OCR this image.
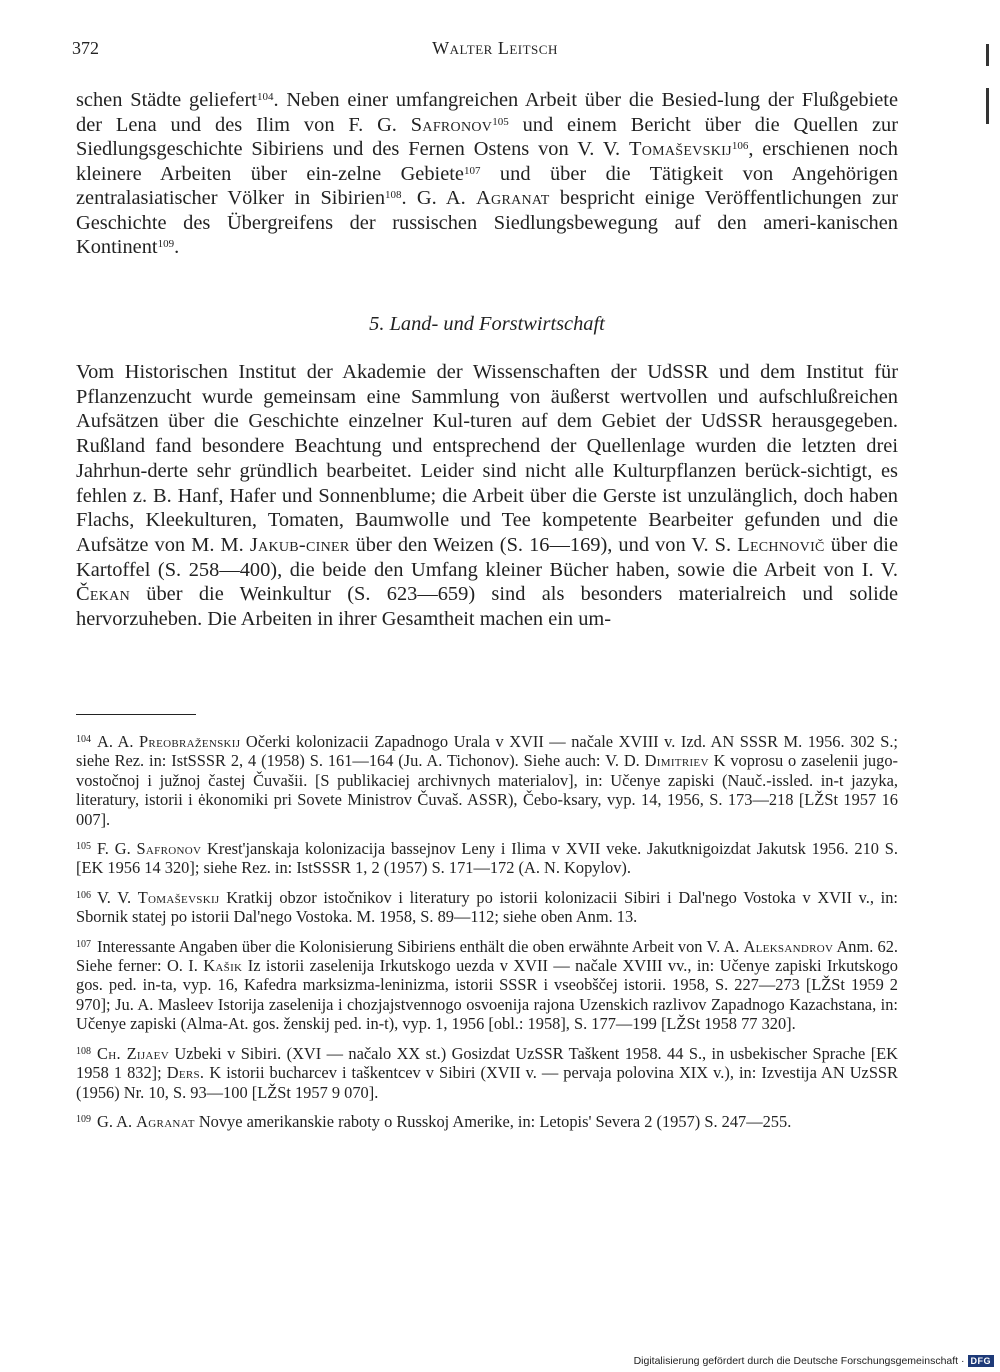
372	Walter Leitsch

schen Städte geliefert$^{104}$. Neben einer umfangreichen Arbeit über die Besied-lung der Flußgebiete der Lena und des Ilim von F. G. Safronov$^{105}$ und einem Bericht über die Quellen zur Siedlungsgeschichte Sibiriens und des Fernen Ostens von V. V. Tomaševskij$^{106}$, erschienen noch kleinere Arbeiten über ein-zelne Gebiete$^{107}$ und über die Tätigkeit von Angehörigen zentralasiatischer Völker in Sibirien$^{108}$. G. A. Agranat bespricht einige Veröffentlichungen zur Geschichte des Übergreifens der russischen Siedlungsbewegung auf den ameri-kanischen Kontinent$^{109}$.

5. Land- und Forstwirtschaft

Vom Historischen Institut der Akademie der Wissenschaften der UdSSR und dem Institut für Pflanzenzucht wurde gemeinsam eine Sammlung von äußerst wertvollen und aufschlußreichen Aufsätzen über die Geschichte einzelner Kul-turen auf dem Gebiet der UdSSR herausgegeben. Rußland fand besondere Beachtung und entsprechend der Quellenlage wurden die letzten drei Jahrhun-derte sehr gründlich bearbeitet. Leider sind nicht alle Kulturpflanzen berück-sichtigt, es fehlen z. B. Hanf, Hafer und Sonnenblume; die Arbeit über die Gerste ist unzulänglich, doch haben Flachs, Kleekulturen, Tomaten, Baumwolle und Tee kompetente Bearbeiter gefunden und die Aufsätze von M. M. Jakub-ciner über den Weizen (S. 16—169), und von V. S. Lechnovič über die Kartoffel (S. 258—400), die beide den Umfang kleiner Bücher haben, sowie die Arbeit von I. V. Čekan über die Weinkultur (S. 623—659) sind als besonders materialreich und solide hervorzuheben. Die Arbeiten in ihrer Gesamtheit machen ein um-

$^{104}$ A. A. Preobraženskij Očerki kolonizacii Zapadnogo Urala v XVII — načale XVIII v. Izd. AN SSSR M. 1956. 302 S.; siehe Rez. in: IstSSSR 2, 4 (1958) S. 161—164 (Ju. A. Tichonov). Siehe auch: V. D. Dimitriev K voprosu o zaselenii jugo-vostočnoj i južnoj častej Čuvašii. [S publikaciej archivnych materialov], in: Učenye zapiski (Nauč.-issled. in-t jazyka, literatury, istorii i ėkonomiki pri Sovete Ministrov Čuvaš. ASSR), Čebo-ksary, vyp. 14, 1956, S. 173—218 [LŽSt 1957 16 007].

$^{105}$ F. G. Safronov Krest'janskaja kolonizacija bassejnov Leny i Ilima v XVII veke. Jakutknigoizdat Jakutsk 1956. 210 S. [EK 1956 14 320]; siehe Rez. in: IstSSSR 1, 2 (1957) S. 171—172 (A. N. Kopylov).

$^{106}$ V. V. Tomaševskij Kratkij obzor istočnikov i literatury po istorii kolonizacii Sibiri i Dal'nego Vostoka v XVII v., in: Sbornik statej po istorii Dal'nego Vostoka. M. 1958, S. 89—112; siehe oben Anm. 13.

$^{107}$ Interessante Angaben über die Kolonisierung Sibiriens enthält die oben erwähnte Arbeit von V. A. Aleksandrov Anm. 62. Siehe ferner: O. I. Kašik Iz istorii zaselenija Irkutskogo uezda v XVII — načale XVIII vv., in: Učenye zapiski Irkutskogo gos. ped. in-ta, vyp. 16, Kafedra marksizma-leninizma, istorii SSSR i vseobščej istorii. 1958, S. 227—273 [LŽSt 1959 2 970]; Ju. A. Masleev Istorija zaselenija i chozjajstvennogo osvoenija rajona Uzenskich razlivov Zapadnogo Kazachstana, in: Učenye zapiski (Alma-At. gos. ženskij ped. in-t), vyp. 1, 1956 [obl.: 1958], S. 177—199 [LŽSt 1958 77 320].

$^{108}$ Ch. Zijaev Uzbeki v Sibiri. (XVI — načalo XX st.) Gosizdat UzSSR Taškent 1958. 44 S., in usbekischer Sprache [EK 1958 1 832]; Ders. K istorii bucharcev i taškentcev v Sibiri (XVII v. — pervaja polovina XIX v.), in: Izvestija AN UzSSR (1956) Nr. 10, S. 93—100 [LŽSt 1957 9 070].

$^{109}$ G. A. Agranat Novye amerikanskie raboty o Russkoj Amerike, in: Letopis' Severa 2 (1957) S. 247—255.

Digitalisierung gefördert durch die Deutsche Forschungsgemeinschaft · DFG
